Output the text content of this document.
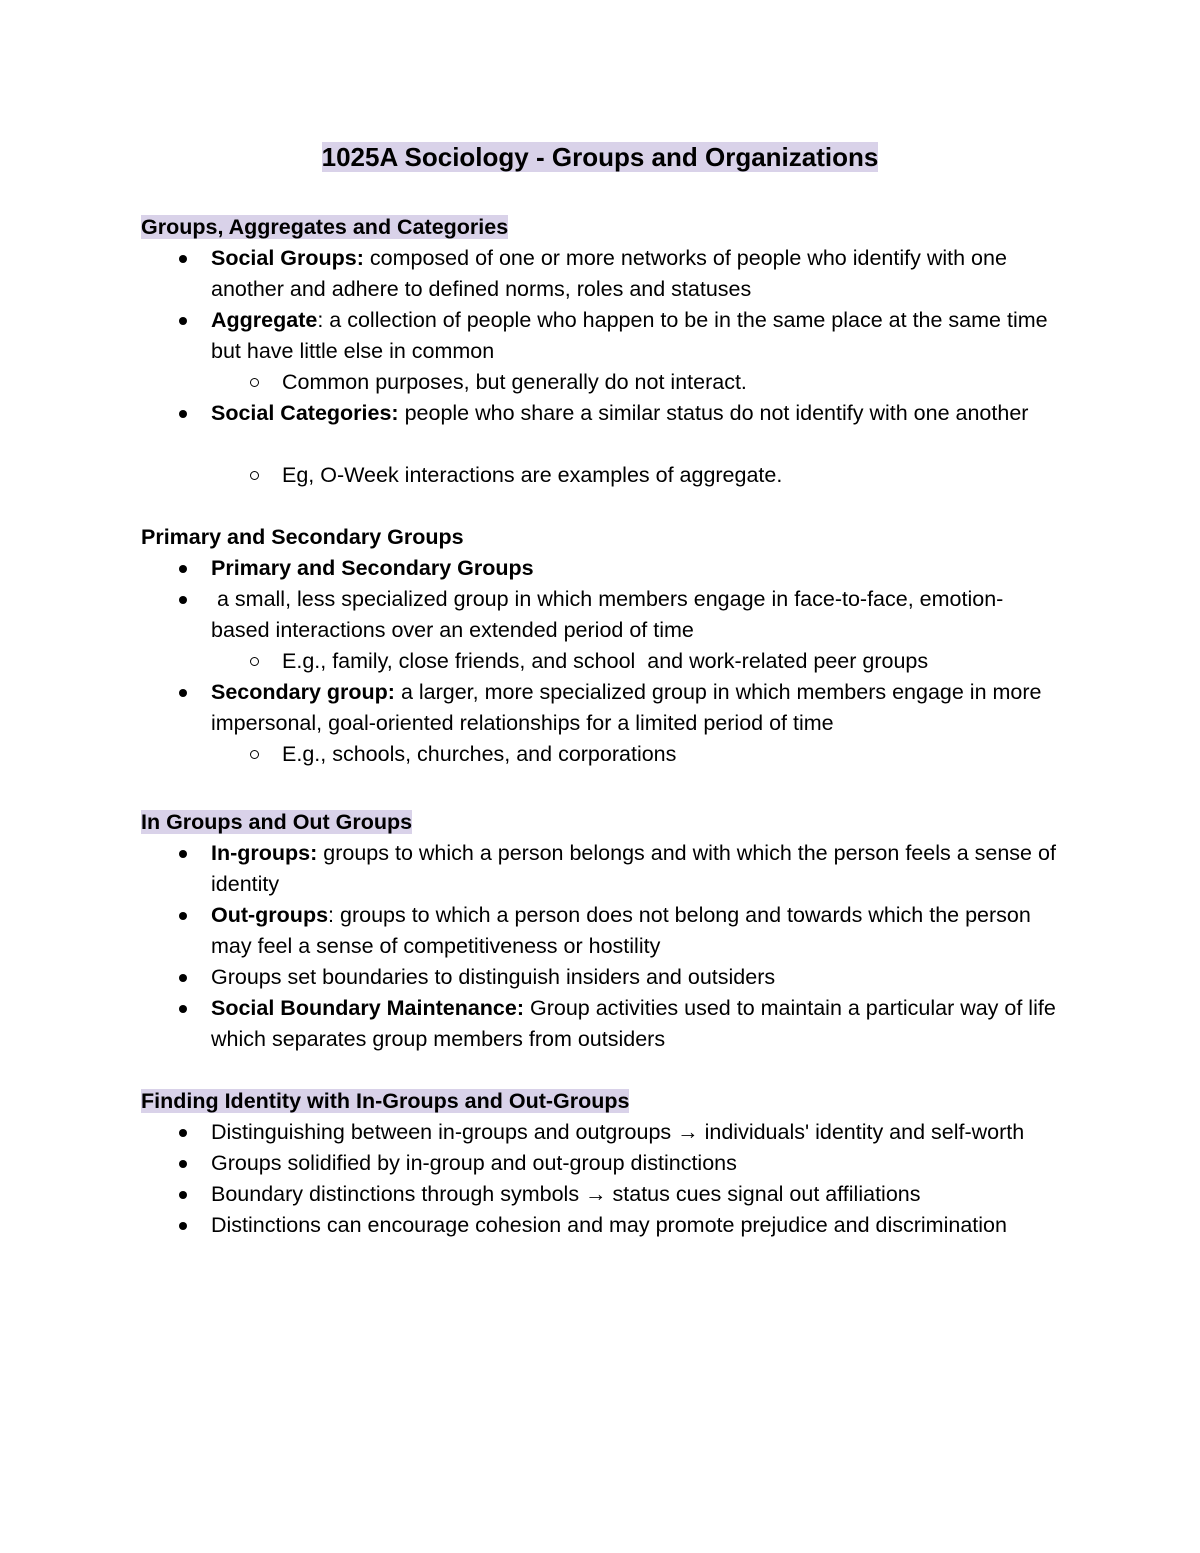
1025A Sociology - Groups and Organizations

Groups, Aggregates and Categories

Social Groups: composed of one or more networks of people who identify with one another and adhere to defined norms, roles and statuses
Aggregate: a collection of people who happen to be in the same place at the same time but have little else in common
Common purposes, but generally do not interact.
Social Categories: people who share a similar status do not identify with one another
Eg, O-Week interactions are examples of aggregate.

Primary and Secondary Groups

Primary and Secondary Groups
a small, less specialized group in which members engage in face-to-face, emotion-based interactions over an extended period of time
E.g., family, close friends, and school  and work-related peer groups
Secondary group: a larger, more specialized group in which members engage in more impersonal, goal-oriented relationships for a limited period of time
E.g., schools, churches, and corporations

In Groups and Out Groups

In-groups: groups to which a person belongs and with which the person feels a sense of identity
Out-groups: groups to which a person does not belong and towards which the person may feel a sense of competitiveness or hostility
Groups set boundaries to distinguish insiders and outsiders
Social Boundary Maintenance: Group activities used to maintain a particular way of life which separates group members from outsiders

Finding Identity with In-Groups and Out-Groups

Distinguishing between in-groups and outgroups → individuals' identity and self-worth
Groups solidified by in-group and out-group distinctions
Boundary distinctions through symbols → status cues signal out affiliations
Distinctions can encourage cohesion and may promote prejudice and discrimination
